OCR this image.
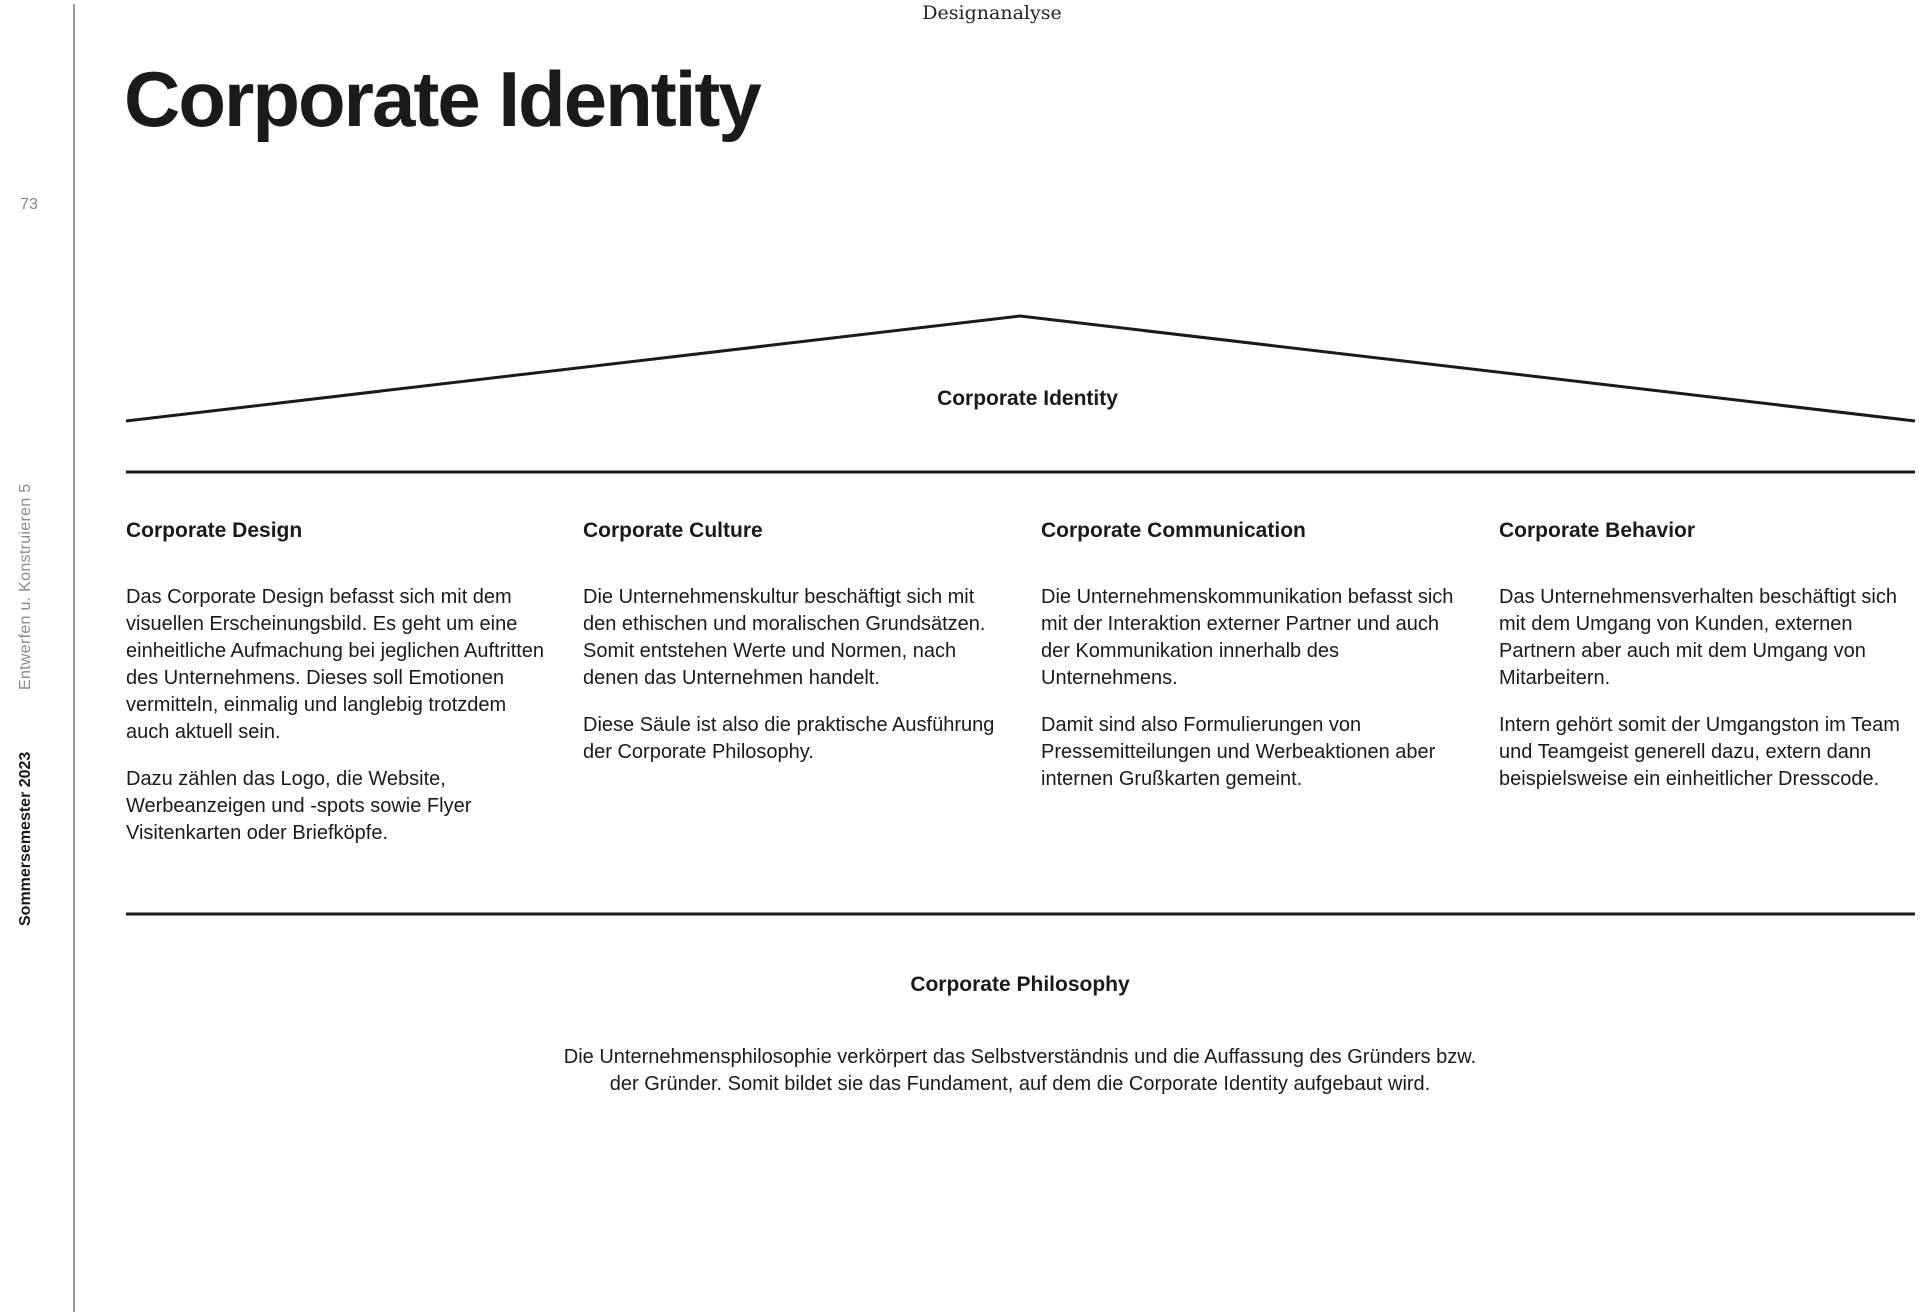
Designanalyse
73
Entwerfen u. Konstruieren 5
Sommersemester 2023
Corporate Identity
Corporate Identity
Corporate Design

Das Corporate Design befasst sich mit dem visuellen Erscheinungsbild. Es geht um eine einheitliche Aufmachung bei jeglichen Auftritten des Unternehmens. Dieses soll Emotionen vermitteln, einmalig und langlebig trotzdem auch aktuell sein.

Dazu zählen das Logo, die Website, Werbeanzeigen und -spots sowie Flyer Visitenkarten oder Briefköpfe.

Corporate Culture

Die Unternehmenskultur beschäftigt sich mit den ethischen und moralischen Grundsätzen. Somit entstehen Werte und Normen, nach denen das Unternehmen handelt.

Diese Säule ist also die praktische Ausführung der Corporate Philosophy.

Corporate Communication

Die Unternehmenskommunikation befasst sich mit der Interaktion externer Partner und auch der Kommunikation innerhalb des Unternehmens.

Damit sind also Formulierungen von Pressemitteilungen und Werbeaktionen aber internen Grußkarten gemeint.

Corporate Behavior

Das Unternehmensverhalten beschäftigt sich mit dem Umgang von Kunden, externen Partnern aber auch mit dem Umgang von Mitarbeitern.

Intern gehört somit der Umgangston im Team und Teamgeist generell dazu, extern dann beispielsweise ein einheitlicher Dresscode.

Corporate Philosophy

Die Unternehmensphilosophie verkörpert das Selbstverständnis und die Auffassung des Gründers bzw. der Gründer. Somit bildet sie das Fundament, auf dem die Corporate Identity aufgebaut wird.
